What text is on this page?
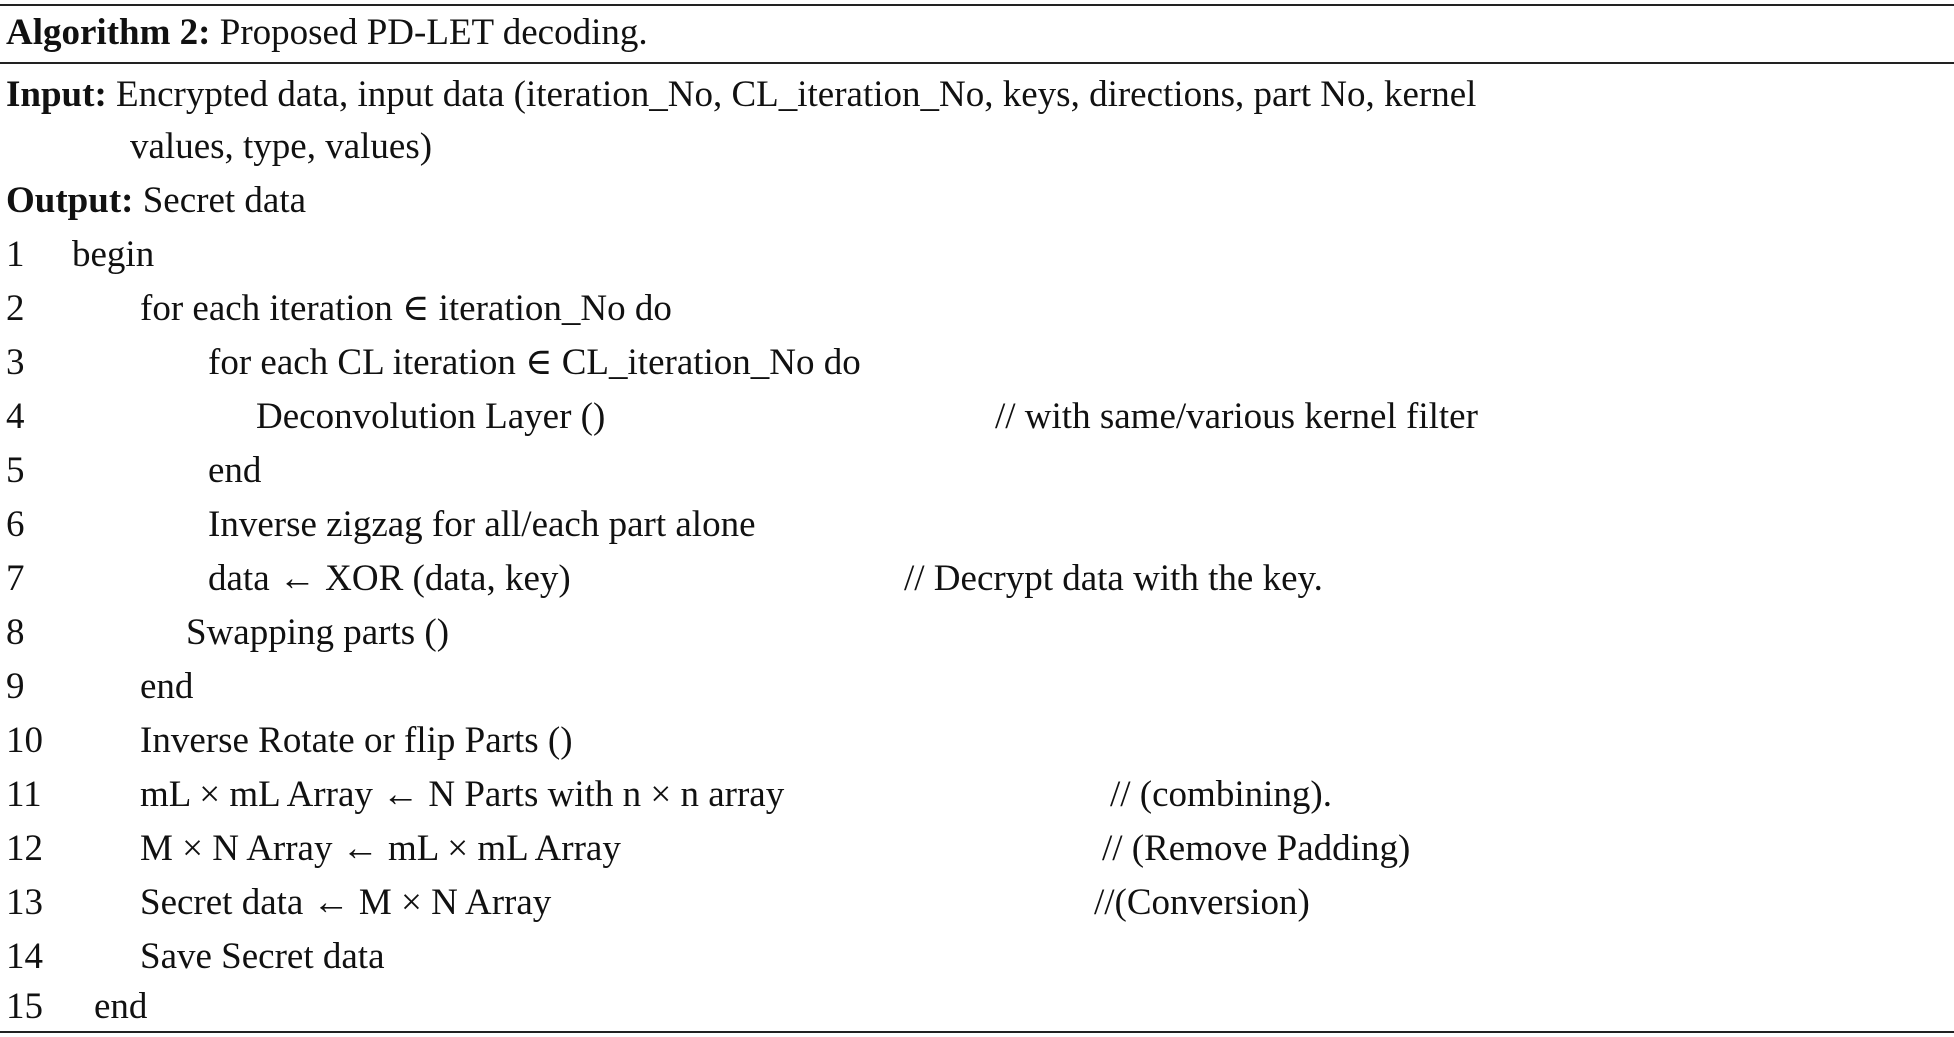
Algorithm 2: Proposed PD-LET decoding.
Input: Encrypted data, input data (iteration_No, CL_iteration_No, keys, directions, part No, kernel
values, type, values)
Output: Secret data
1 begin
2	for each iteration ∈ iteration_No do
3	for each CL iteration ∈ CL_iteration_No do
4	Deconvolution Layer ()	// with same/various kernel filter
5	end
6	Inverse zigzag for all/each part alone
7	data ← XOR (data, key)	// Decrypt data with the key.
8	Swapping parts ()
9	end
10	Inverse Rotate or flip Parts ()
11	mL × mL Array ← N Parts with n × n array	// (combining).
12	M × N Array ← mL × mL Array	// (Remove Padding)
13	Secret data ← M × N Array	//(Conversion)
14	Save Secret data
15 end
